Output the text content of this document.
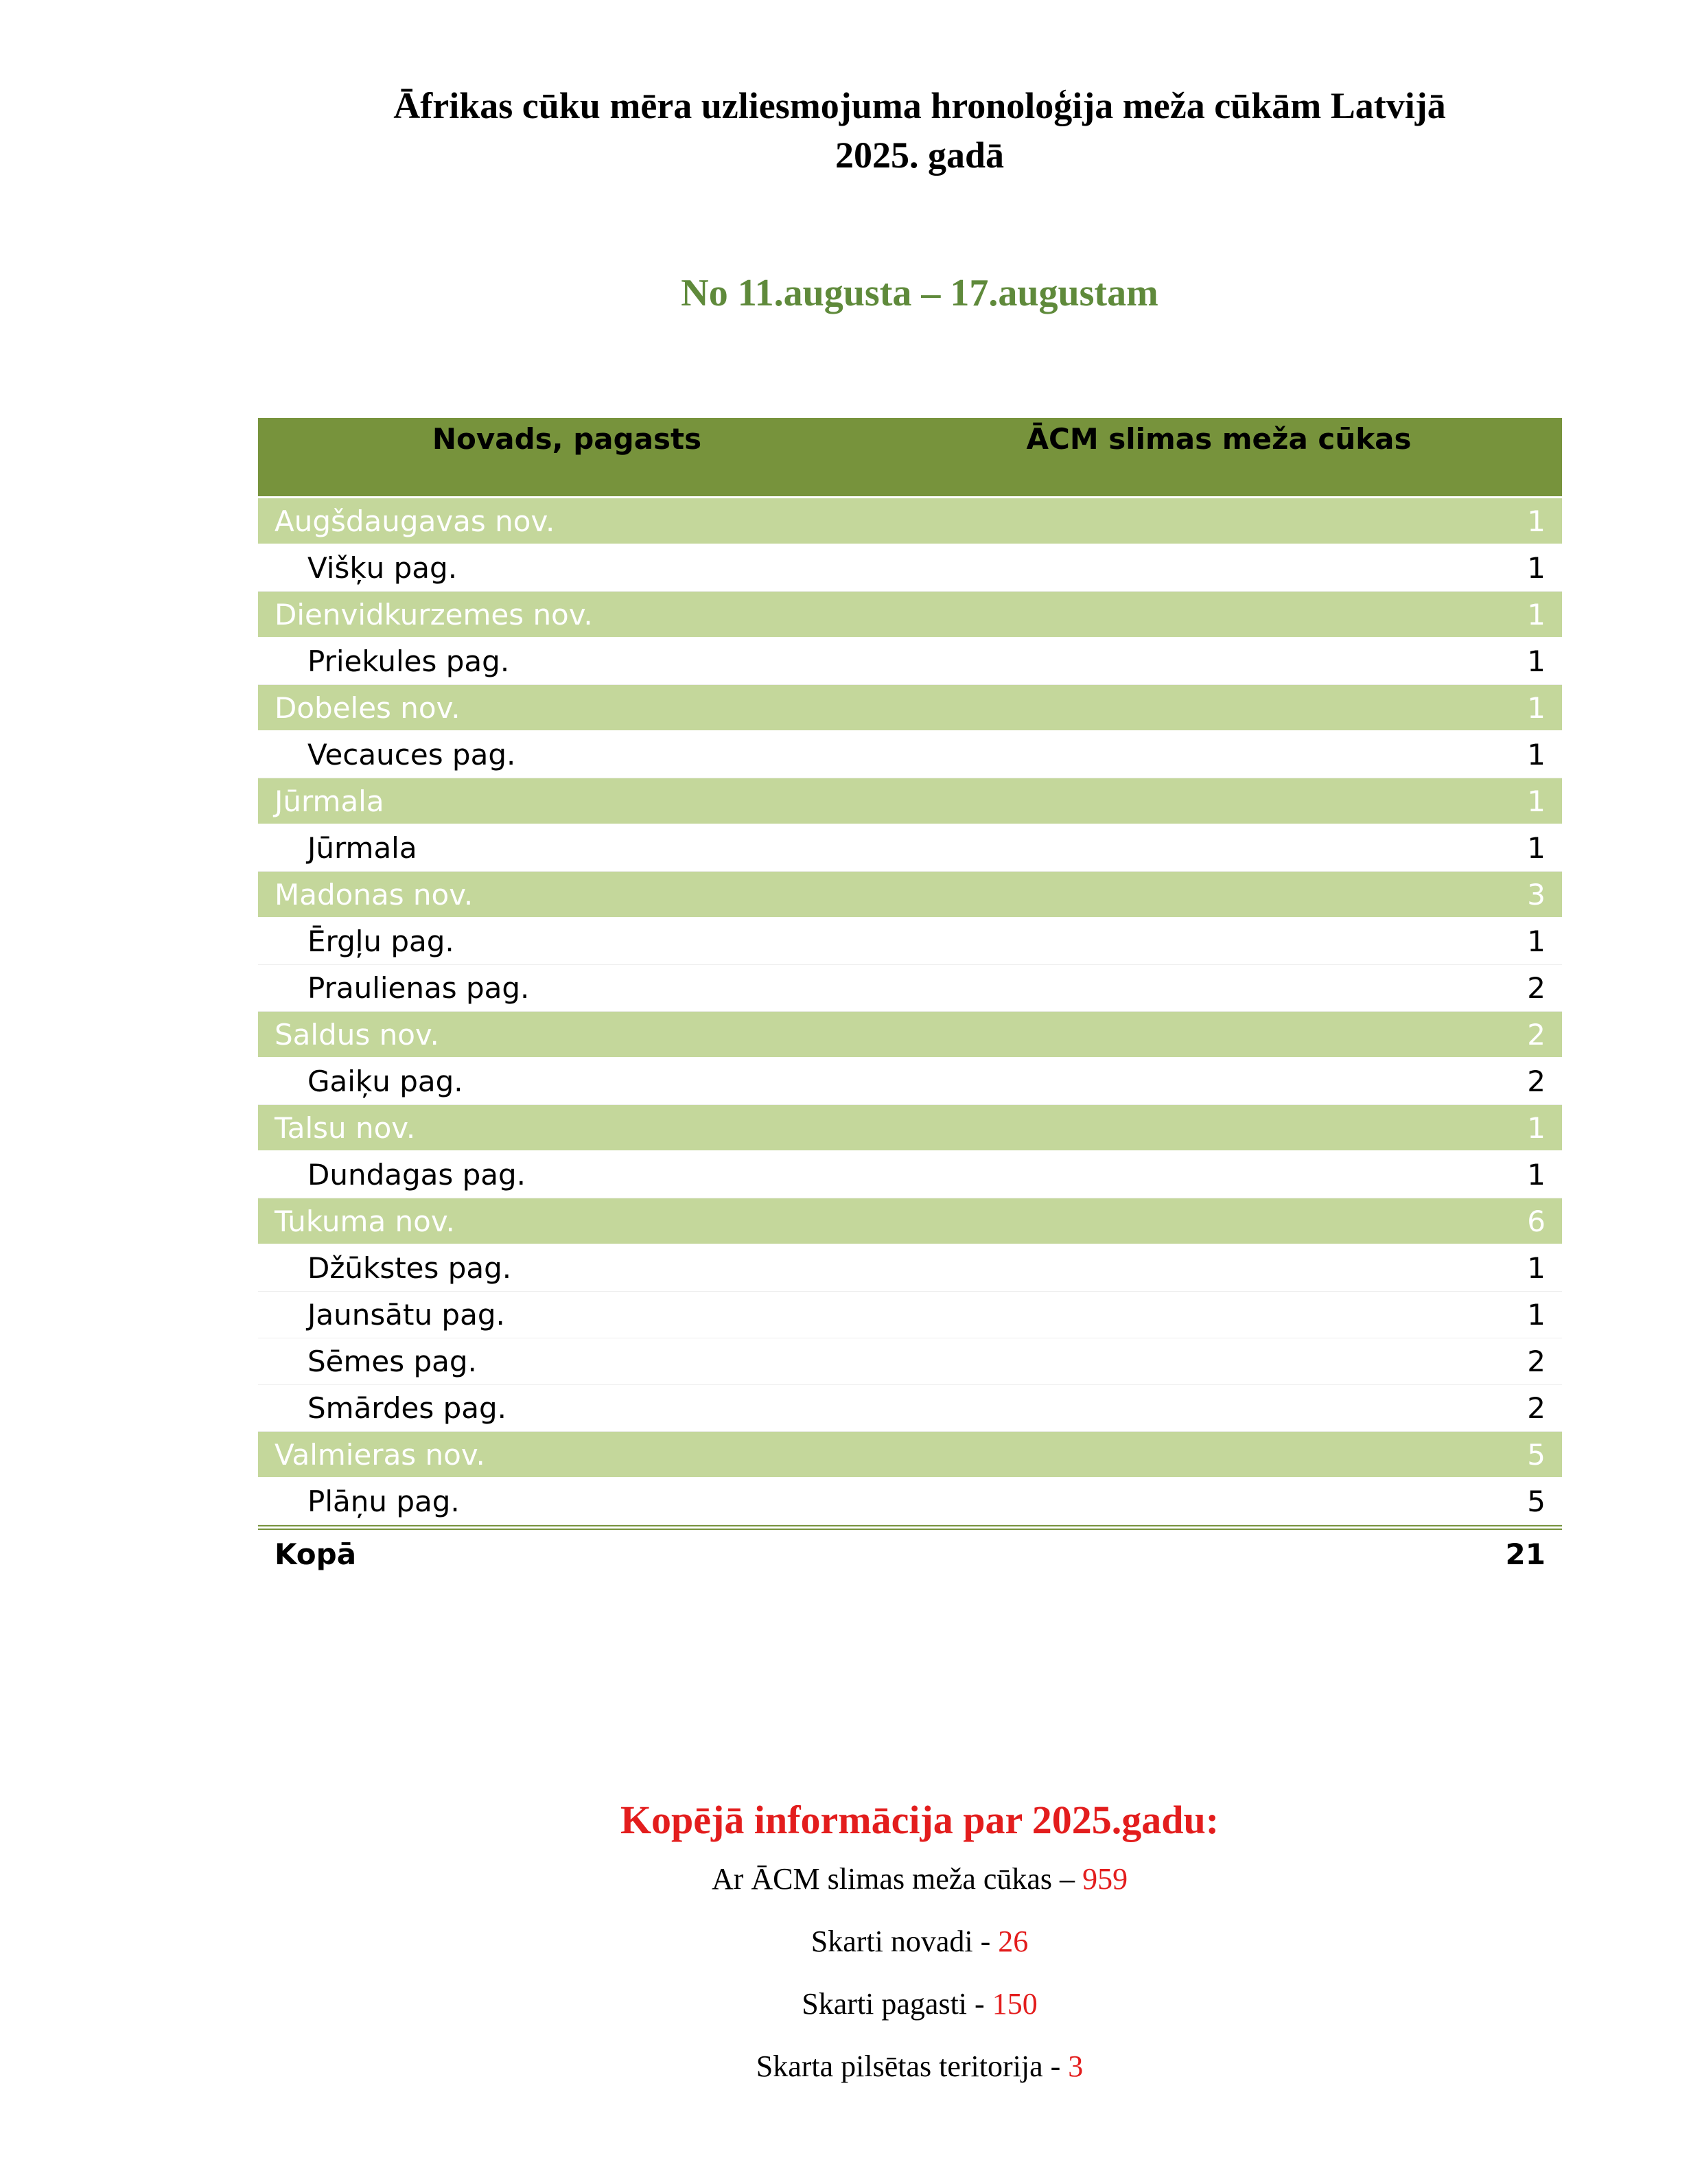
Āfrikas cūku mēra uzliesmojuma hronoloģija meža cūkām Latvijā
2025. gadā
No 11.augusta – 17.augustam
Novads, pagasts	ĀCM slimas meža cūkas
Augšdaugavas nov.	1
Višķu pag.	1
Dienvidkurzemes nov.	1
Priekules pag.	1
Dobeles nov.	1
Vecauces pag.	1
Jūrmala	1
Jūrmala	1
Madonas nov.	3
Ērgļu pag.	1
Praulienas pag.	2
Saldus nov.	2
Gaiķu pag.	2
Talsu nov.	1
Dundagas pag.	1
Tukuma nov.	6
Džūkstes pag.	1
Jaunsātu pag.	1
Sēmes pag.	2
Smārdes pag.	2
Valmieras nov.	5
Plāņu pag.	5
Kopā	21
Kopējā informācija par 2025.gadu:
Ar ĀCM slimas meža cūkas – 959
Skarti novadi - 26
Skarti pagasti - 150
Skarta pilsētas teritorija - 3
